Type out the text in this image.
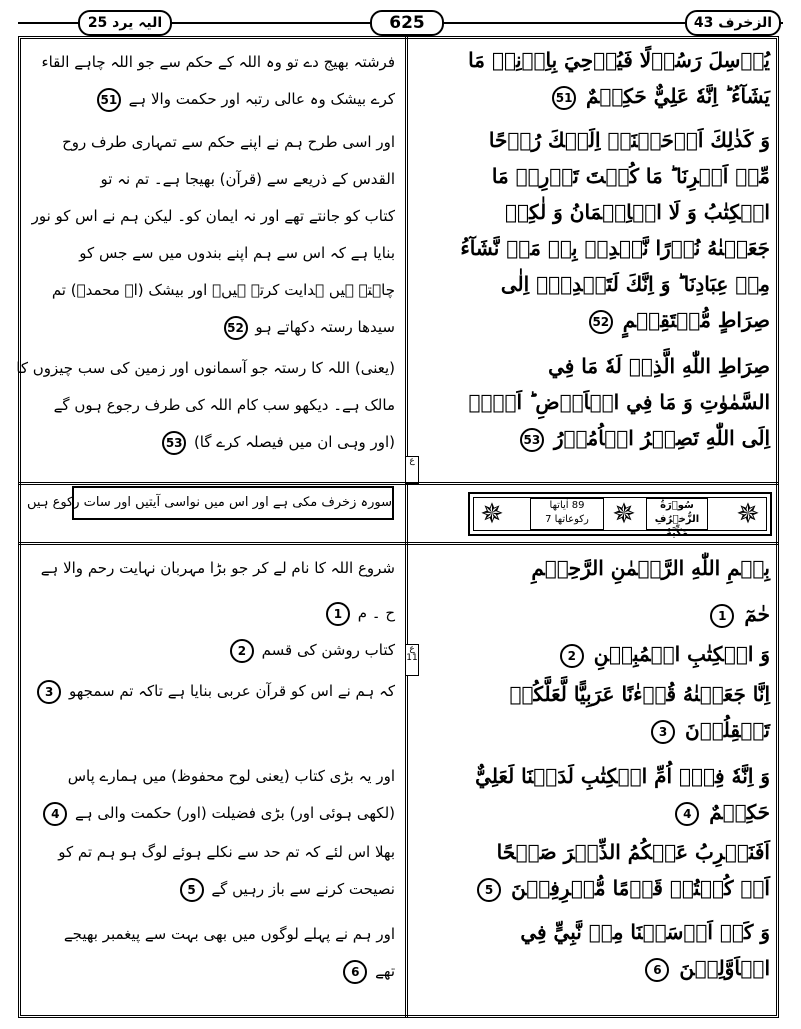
الیہ یرد 25	625	الزخرف 43
يُرۡسِلَ رَسُوۡلًا فَيُوۡحِيَ بِاِذۡنِهٖ مَا
يَشَآءُ ؕ اِنَّهٗ عَلِيٌّ حَكِيۡمٌ 51
وَ كَذٰلِكَ اَوۡحَيۡنَاۤ اِلَيۡكَ رُوۡحًا
مِّنۡ اَمۡرِنَا ؕ مَا كُنۡتَ تَدۡرِيۡ مَا
الۡكِتٰبُ وَ لَا الۡاِيۡمَانُ وَ لٰكِنۡ
جَعَلۡنٰهُ نُوۡرًا نَّهۡدِيۡ بِهٖ مَنۡ نَّشَآءُ
مِنۡ عِبَادِنَا ؕ وَ اِنَّكَ لَتَهۡدِيۡۤ اِلٰى
صِرَاطٍ مُّسۡتَقِيۡمٍ 52
صِرَاطِ اللّٰهِ الَّذِيۡ لَهٗ مَا فِي
السَّمٰوٰتِ وَ مَا فِي الۡاَرۡضِ ؕ اَلَاۤ
اِلَى اللّٰهِ تَصِيۡرُ الۡاُمُوۡرُ 53
فرشتہ بھیج دے تو وہ اللہ کے حکم سے جو اللہ چاہے القاء
کرے بیشک وہ عالی رتبہ اور حکمت والا ہے 51
اور اسی طرح ہم نے اپنے حکم سے تمہاری طرف روح
القدس کے ذریعے سے (قرآن) بھیجا ہے۔ تم نہ تو
کتاب کو جانتے تھے اور نہ ایمان کو۔ لیکن ہم نے اس کو نور
بنایا ہے کہ اس سے ہم اپنے بندوں میں سے جس کو
چاہتے ہیں ہدایت کرتے ہیں۔ اور بیشک (اے محمدؐ) تم
سیدھا رستہ دکھاتے ہو 52
(یعنی) اللہ کا رستہ جو آسمانوں اور زمین کی سب چیزوں کا
مالک ہے۔ دیکھو سب کام اللہ کی طرف رجوع ہوں گے
(اور وہی ان میں فیصلہ کرے گا) 53
ع
ع 11
سورہ زخرف مکی ہے اور اس میں نواسی آیتیں اور سات رکوع ہیں	✵	89 اٰیاتھا
رکوعاتھا 7 ✵	سُوۡرَةُ الزُّخۡرُفِ مَكِّيَّةٌ
✵
بِسۡمِ اللّٰهِ الرَّحۡمٰنِ الرَّحِيۡمِ
حٰمٓ 1
وَ الۡكِتٰبِ الۡمُبِيۡنِ 2
اِنَّا جَعَلۡنٰهُ قُرۡءٰنًا عَرَبِيًّا لَّعَلَّكُمۡ
تَعۡقِلُوۡنَ 3
وَ اِنَّهٗ فِيۡۤ اُمِّ الۡكِتٰبِ لَدَيۡنَا لَعَلِيٌّ
حَكِيۡمٌ 4
اَفَنَضۡرِبُ عَنۡكُمُ الذِّكۡرَ صَفۡحًا
اَنۡ كُنۡتُمۡ قَوۡمًا مُّسۡرِفِيۡنَ 5
وَ كَمۡ اَرۡسَلۡنَا مِنۡ نَّبِيٍّ فِي
الۡاَوَّلِيۡنَ 6
شروع اللہ کا نام لے کر جو بڑا مہربان نہایت رحم والا ہے
ح ۔ م 1
کتاب روشن کی قسم 2
کہ ہم نے اس کو قرآن عربی بنایا ہے تاکہ تم سمجھو 3
اور یہ بڑی کتاب (یعنی لوح محفوظ) میں ہمارے پاس
(لکھی ہوئی اور) بڑی فضیلت (اور) حکمت والی ہے 4
بھلا اس لئے کہ تم حد سے نکلے ہوئے لوگ ہو ہم تم کو
نصیحت کرنے سے باز رہیں گے 5
اور ہم نے پہلے لوگوں میں بھی بہت سے پیغمبر بھیجے
تھے 6
